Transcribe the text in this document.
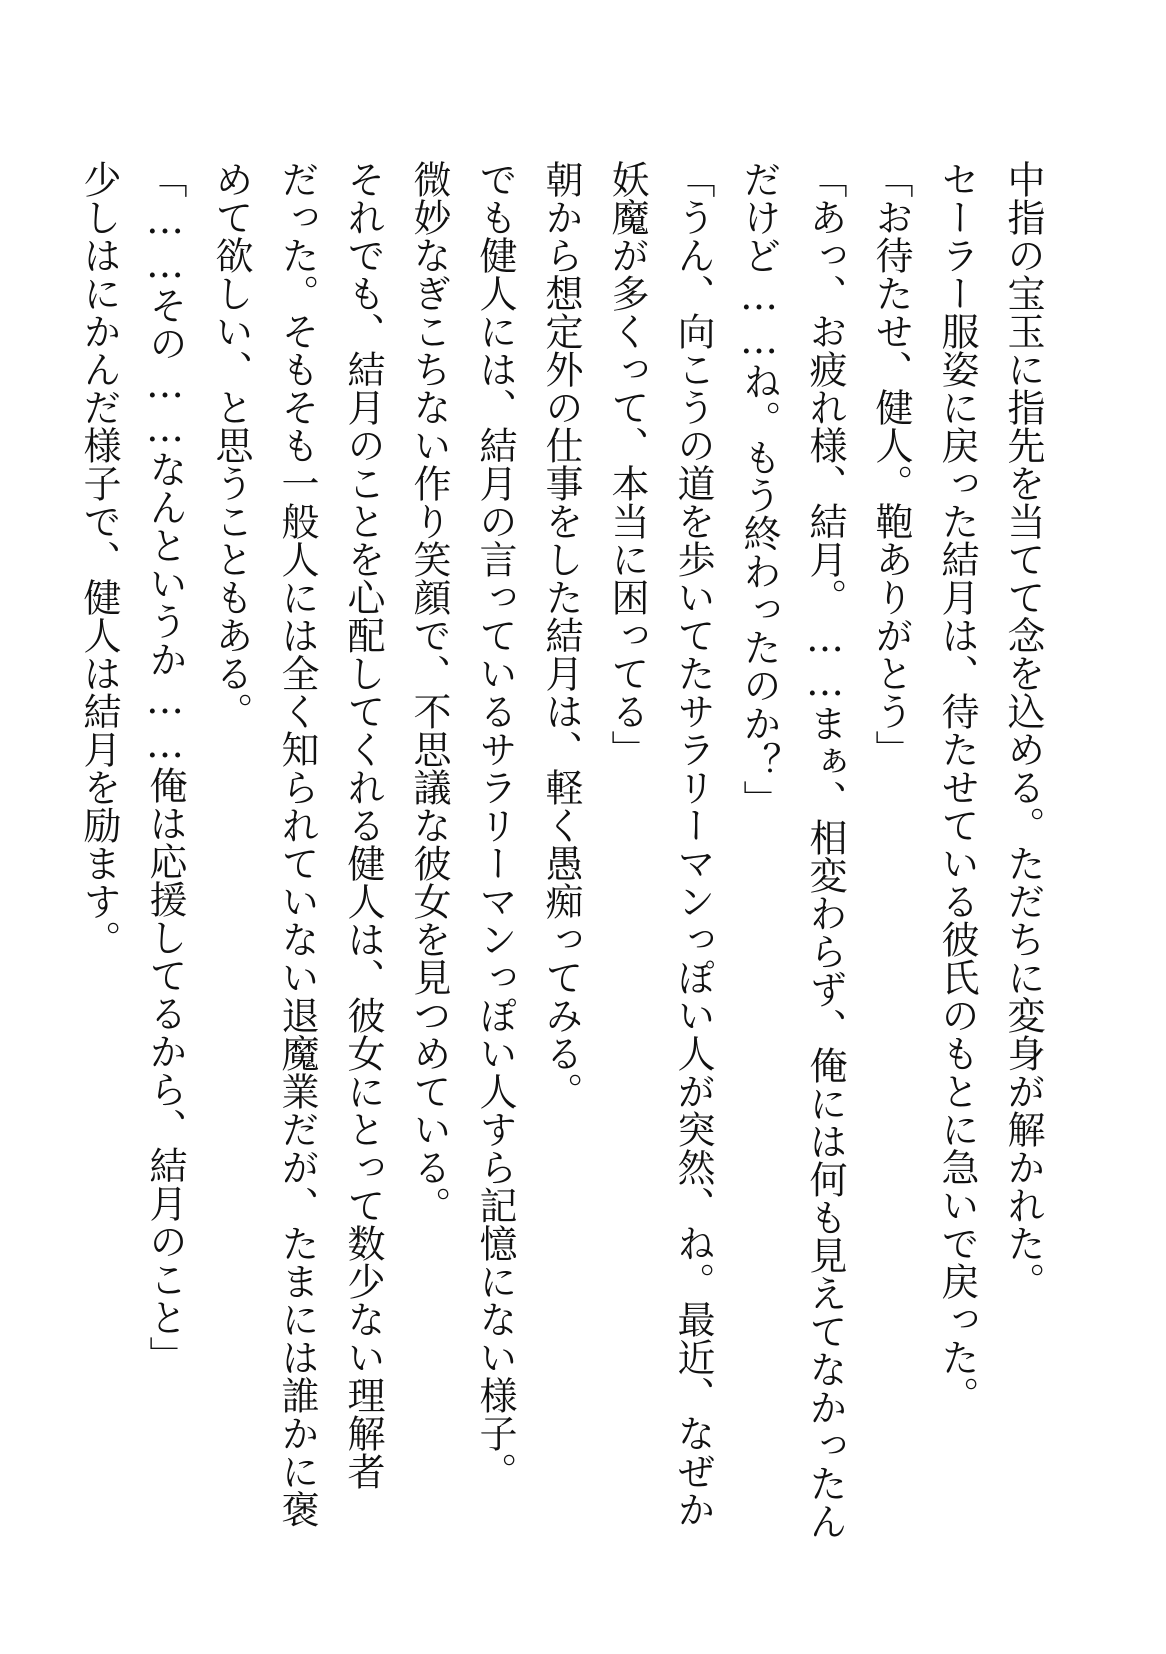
中指の宝玉に指先を当てて念を込める。ただちに変身が解かれた。
セーラー服姿に戻った結月は、待たせている彼氏のもとに急いで戻った。
「お待たせ、健人。鞄ありがとう」
「あっ、お疲れ様、結月。……まぁ、相変わらず、俺には何も見えてなかったん
だけど……ね。もう終わったのか？」
「うん、向こうの道を歩いてたサラリーマンっぽい人が突然、ね。最近、なぜか
妖魔が多くって、本当に困ってる」
朝から想定外の仕事をした結月は、軽く愚痴ってみる。
でも健人には、結月の言っているサラリーマンっぽい人すら記憶にない様子。
微妙なぎこちない作り笑顔で、不思議な彼女を見つめている。
それでも、結月のことを心配してくれる健人は、彼女にとって数少ない理解者
だった。そもそも一般人には全く知られていない退魔業だが、たまには誰かに褒
めて欲しい、と思うこともある。
「……その……なんというか……俺は応援してるから、結月のこと」
少しはにかんだ様子で、健人は結月を励ます。
